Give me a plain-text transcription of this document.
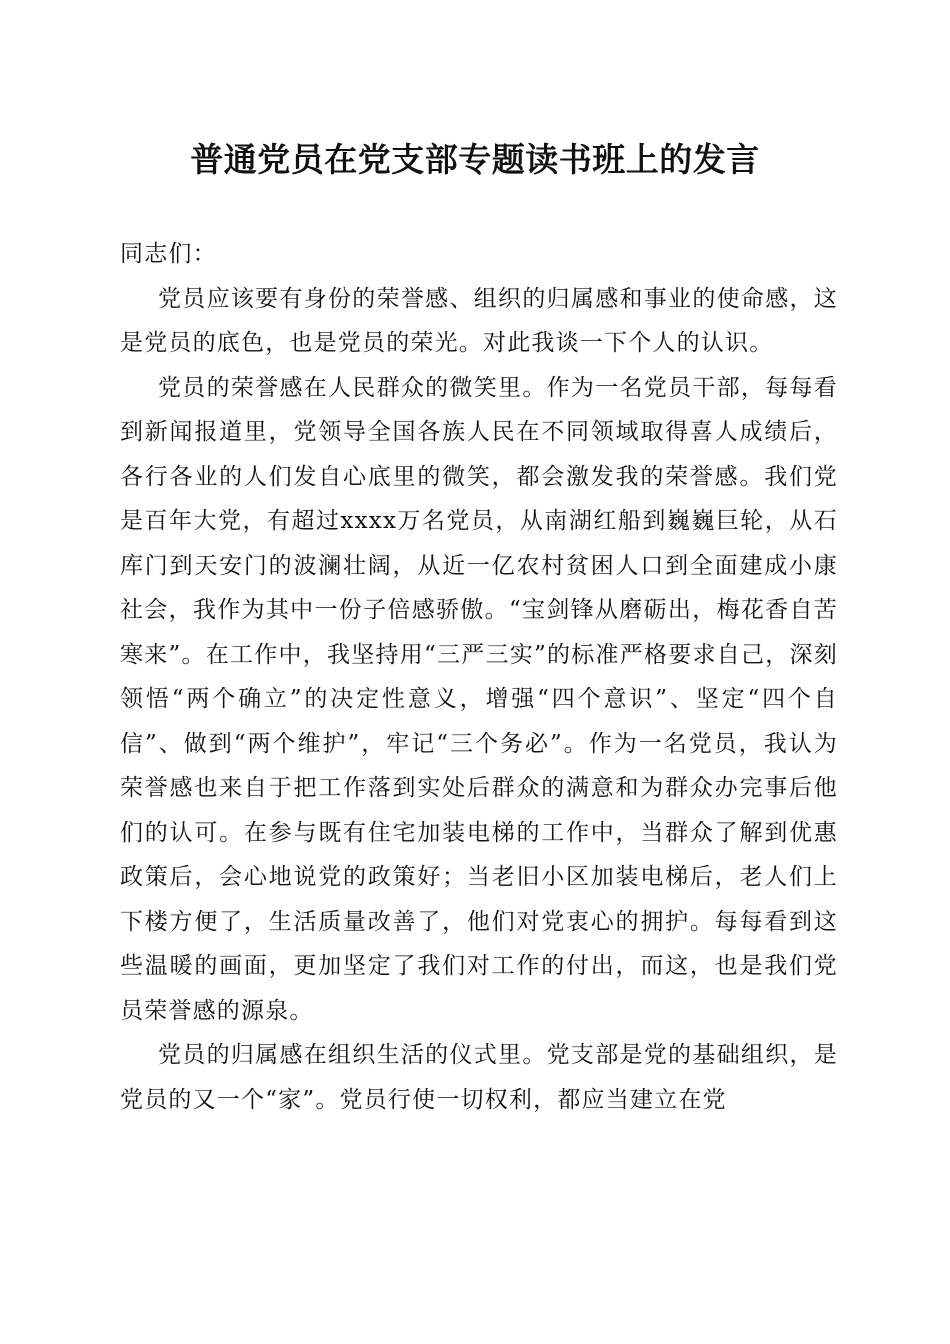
普通党员在党支部专题读书班上的发言

同志们：

党员应该要有身份的荣誉感、组织的归属感和事业的使命感，这是党员的底色，也是党员的荣光。对此我谈一下个人的认识。

党员的荣誉感在人民群众的微笑里。作为一名党员干部，每每看到新闻报道里，党领导全国各族人民在不同领域取得喜人成绩后，各行各业的人们发自心底里的微笑，都会激发我的荣誉感。我们党是百年大党，有超过xxxx万名党员，从南湖红船到巍巍巨轮，从石库门到天安门的波澜壮阔，从近一亿农村贫困人口到全面建成小康社会，我作为其中一份子倍感骄傲。“宝剑锋从磨砺出，梅花香自苦寒来”。在工作中，我坚持用“三严三实”的标准严格要求自己，深刻领悟“两个确立”的决定性意义，增强“四个意识”、坚定“四个自信”、做到“两个维护”，牢记“三个务必”。作为一名党员，我认为荣誉感也来自于把工作落到实处后群众的满意和为群众办完事后他们的认可。在参与既有住宅加装电梯的工作中，当群众了解到优惠政策后，会心地说党的政策好；当老旧小区加装电梯后，老人们上下楼方便了，生活质量改善了，他们对党衷心的拥护。每每看到这些温暖的画面，更加坚定了我们对工作的付出，而这，也是我们党员荣誉感的源泉。

党员的归属感在组织生活的仪式里。党支部是党的基础组织，是党员的又一个“家”。党员行使一切权利，都应当建立在党
